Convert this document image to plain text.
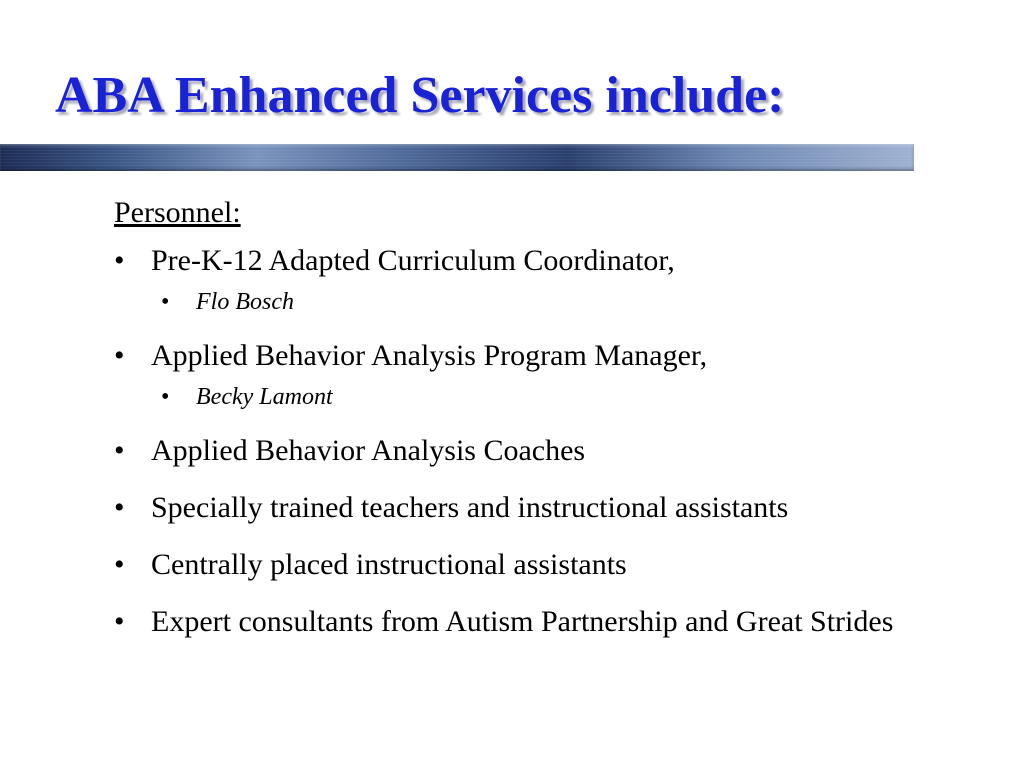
ABA Enhanced Services include:
Personnel:
• Pre-K-12 Adapted Curriculum Coordinator,
• Flo Bosch
• Applied Behavior Analysis Program Manager,
• Becky Lamont
• Applied Behavior Analysis Coaches
• Specially trained teachers and instructional assistants
• Centrally placed instructional assistants
• Expert consultants from Autism Partnership and Great Strides
